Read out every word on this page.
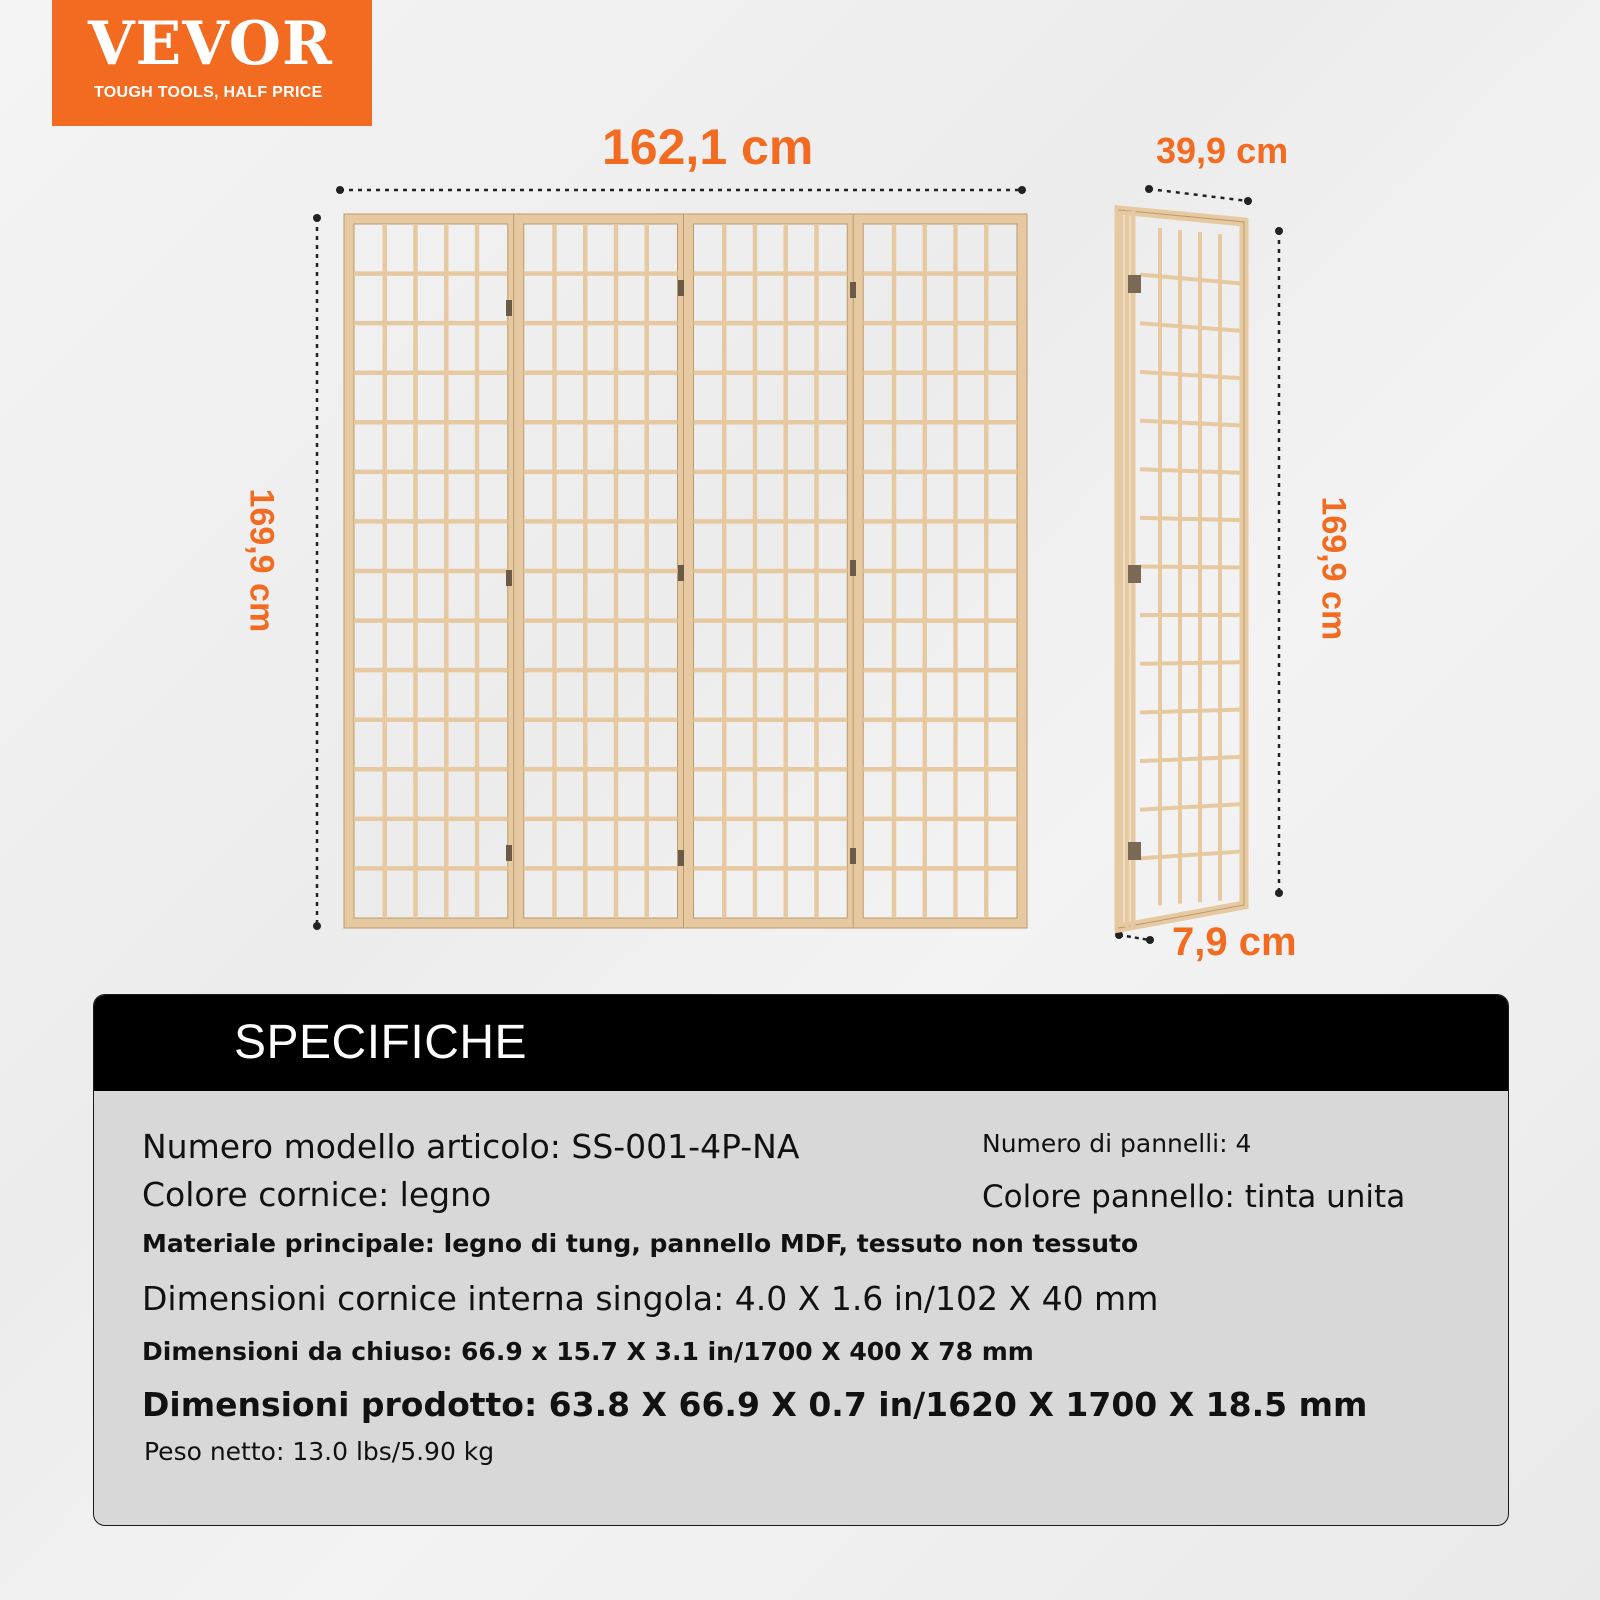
VEVOR
TOUGH TOOLS, HALF PRICE
162,1 cm
169,9 cm
39,9 cm
169,9 cm
7,9 cm
SPECIFICHE
Numero modello articolo: SS-001-4P-NA	Numero di pannelli: 4
Colore cornice: legno	Colore pannello: tinta unita
Materiale principale: legno di tung, pannello MDF, tessuto non tessuto
Dimensioni cornice interna singola: 4.0 X 1.6 in/102 X 40 mm
Dimensioni da chiuso: 66.9 x 15.7 X 3.1 in/1700 X 400 X 78 mm
Dimensioni prodotto: 63.8 X 66.9 X 0.7 in/1620 X 1700 X 18.5 mm
Peso netto: 13.0 lbs/5.90 kg
